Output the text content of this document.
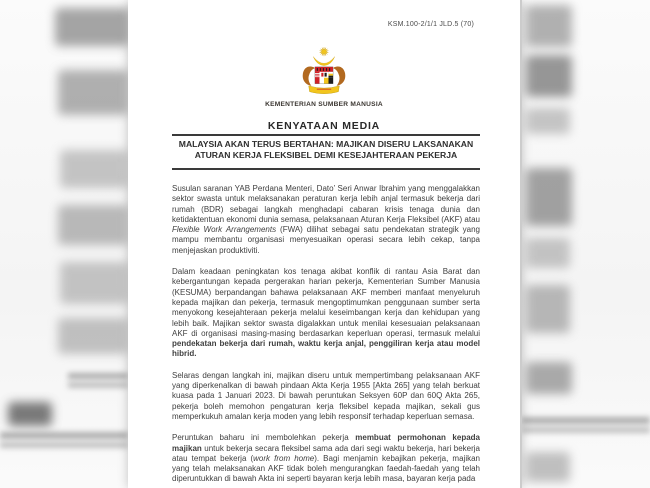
KSM.100-2/1/1 JLD.5 (70)
KEMENTERIAN SUMBER MANUSIA
KENYATAAN MEDIA
MALAYSIA AKAN TERUS BERTAHAN: MAJIKAN DISERU LAKSANAKAN
ATURAN KERJA FLEKSIBEL DEMI KESEJAHTERAAN PEKERJA

Susulan saranan YAB Perdana Menteri, Dato’ Seri Anwar Ibrahim yang menggalakkan sektor swasta untuk melaksanakan peraturan kerja lebih anjal termasuk bekerja dari rumah (BDR) sebagai langkah menghadapi cabaran krisis tenaga dunia dan ketidaktentuan ekonomi dunia semasa, pelaksanaan Aturan Kerja Fleksibel (AKF) atau Flexible Work Arrangements (FWA) dilihat sebagai satu pendekatan strategik yang mampu membantu organisasi menyesuaikan operasi secara lebih cekap, tanpa menjejaskan produktiviti.

Dalam keadaan peningkatan kos tenaga akibat konflik di rantau Asia Barat dan kebergantungan kepada pergerakan harian pekerja, Kementerian Sumber Manusia (KESUMA) berpandangan bahawa pelaksanaan AKF memberi manfaat menyeluruh kepada majikan dan pekerja, termasuk mengoptimumkan penggunaan sumber serta menyokong kesejahteraan pekerja melalui keseimbangan kerja dan kehidupan yang lebih baik. Majikan sektor swasta digalakkan untuk menilai kesesuaian pelaksanaan AKF di organisasi masing-masing berdasarkan keperluan operasi, termasuk melalui pendekatan bekerja dari rumah, waktu kerja anjal, penggiliran kerja atau model hibrid.

Selaras dengan langkah ini, majikan diseru untuk mempertimbang pelaksanaan AKF yang diperkenalkan di bawah pindaan Akta Kerja 1955 [Akta 265] yang telah berkuat kuasa pada 1 Januari 2023. Di bawah peruntukan Seksyen 60P dan 60Q Akta 265, pekerja boleh memohon pengaturan kerja fleksibel kepada majikan, sekali gus memperkukuh amalan kerja moden yang lebih responsif terhadap keperluan semasa.

Peruntukan baharu ini membolehkan pekerja membuat permohonan kepada majikan untuk bekerja secara fleksibel sama ada dari segi waktu bekerja, hari bekerja atau tempat bekerja (work from home). Bagi menjamin kebajikan pekerja, majikan yang telah melaksanakan AKF tidak boleh mengurangkan faedah-faedah yang telah diperuntukkan di bawah Akta ini seperti bayaran kerja lebih masa, bayaran kerja pada
